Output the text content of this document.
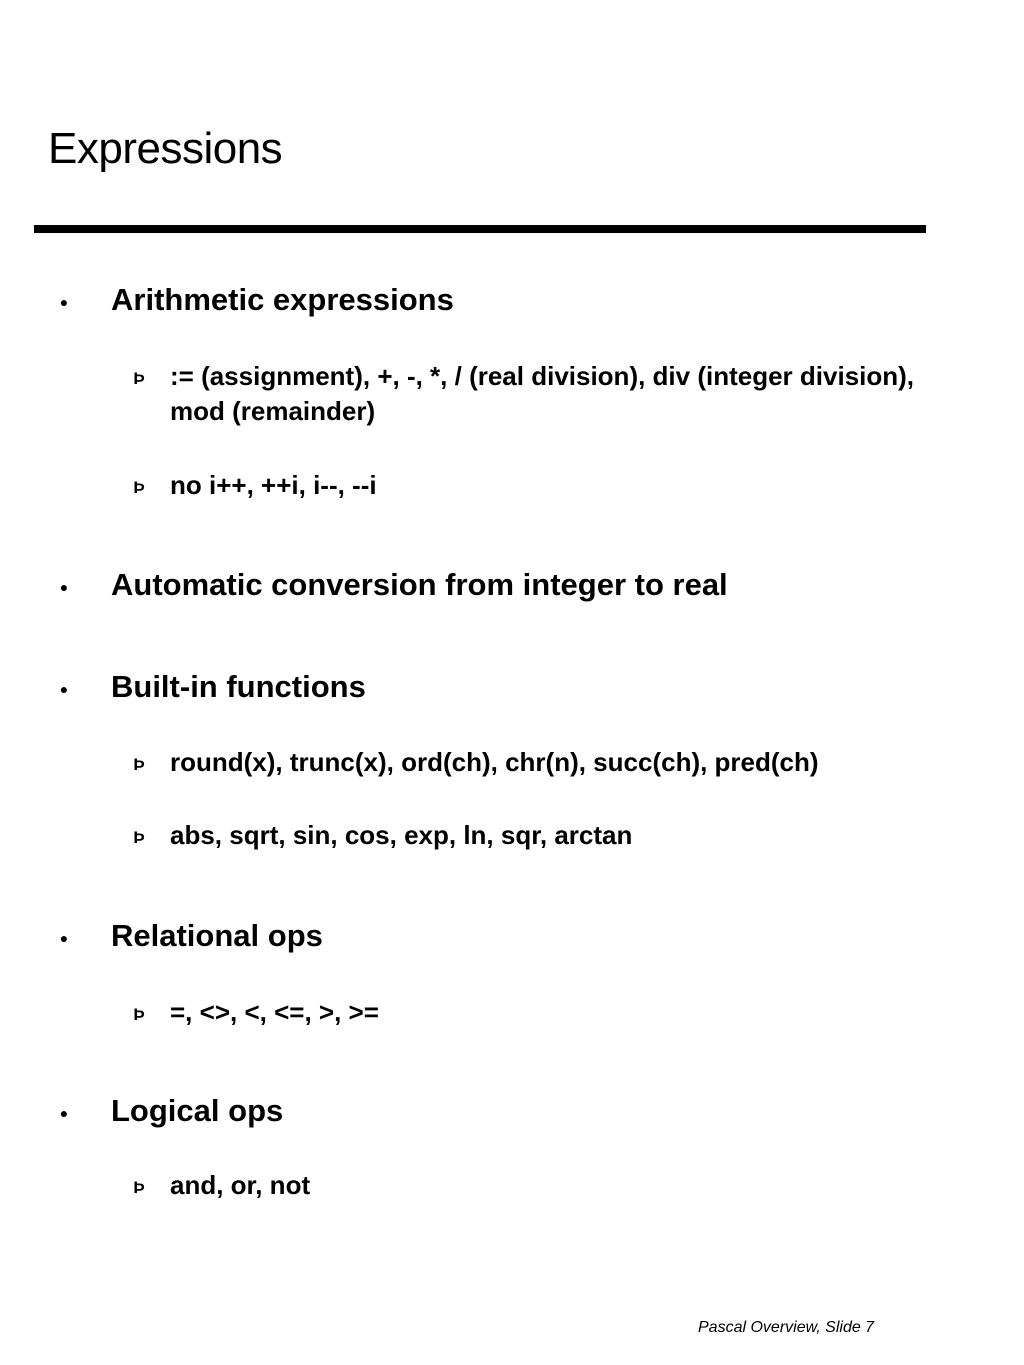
Expressions
● Arithmetic expressions
Þ := (assignment), +, -, *, / (real division), div (integer division), mod (remainder)
Þ no i++, ++i, i--, --i
● Automatic conversion from integer to real
● Built-in functions
Þ round(x), trunc(x), ord(ch), chr(n), succ(ch), pred(ch)
Þ abs, sqrt, sin, cos, exp, ln, sqr, arctan
● Relational ops
Þ =, <>, <, <=, >, >=
● Logical ops
Þ and, or, not
Pascal Overview, Slide 7
